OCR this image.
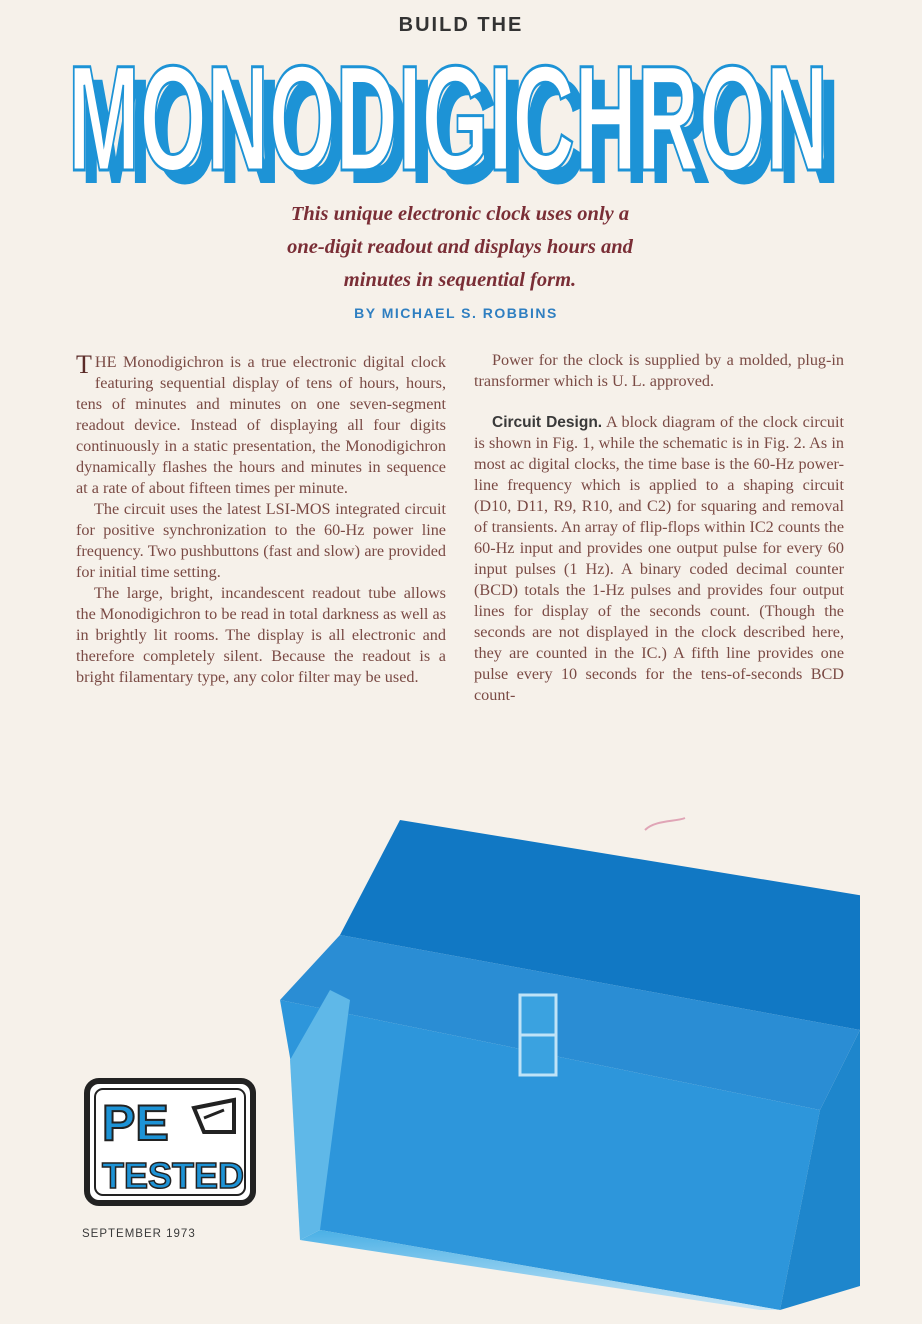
BUILD THE
MONODIGICHRON
MONODIGICHRON
This unique electronic clock uses only a
one-digit readout and displays hours and
minutes in sequential form.
BY MICHAEL S. ROBBINS

THE Monodigichron is a true electronic digital clock featuring sequential display of tens of hours, hours, tens of minutes and minutes on one seven-segment readout device. Instead of displaying all four digits continuously in a static presentation, the Monodigichron dynamically flashes the hours and minutes in sequence at a rate of about fifteen times per minute.

The circuit uses the latest LSI-MOS integrated circuit for positive synchronization to the 60-Hz power line frequency. Two pushbuttons (fast and slow) are provided for initial time setting.

The large, bright, incandescent readout tube allows the Monodigichron to be read in total darkness as well as in brightly lit rooms. The display is all electronic and therefore completely silent. Because the readout is a bright filamentary type, any color filter may be used.

Power for the clock is supplied by a molded, plug-in transformer which is U. L. approved.

Circuit Design. A block diagram of the clock circuit is shown in Fig. 1, while the schematic is in Fig. 2. As in most ac digital clocks, the time base is the 60-Hz power-line frequency which is applied to a shaping circuit (D10, D11, R9, R10, and C2) for squaring and removal of transients. An array of flip-flops within IC2 counts the 60-Hz input and provides one output pulse for every 60 input pulses (1 Hz). A binary coded decimal counter (BCD) totals the 1-Hz pulses and provides four output lines for display of the seconds count. (Though the seconds are not displayed in the clock described here, they are counted in the IC.) A fifth line provides one pulse every 10 seconds for the tens-of-seconds BCD count-

PE
TESTED
SEPTEMBER 1973
